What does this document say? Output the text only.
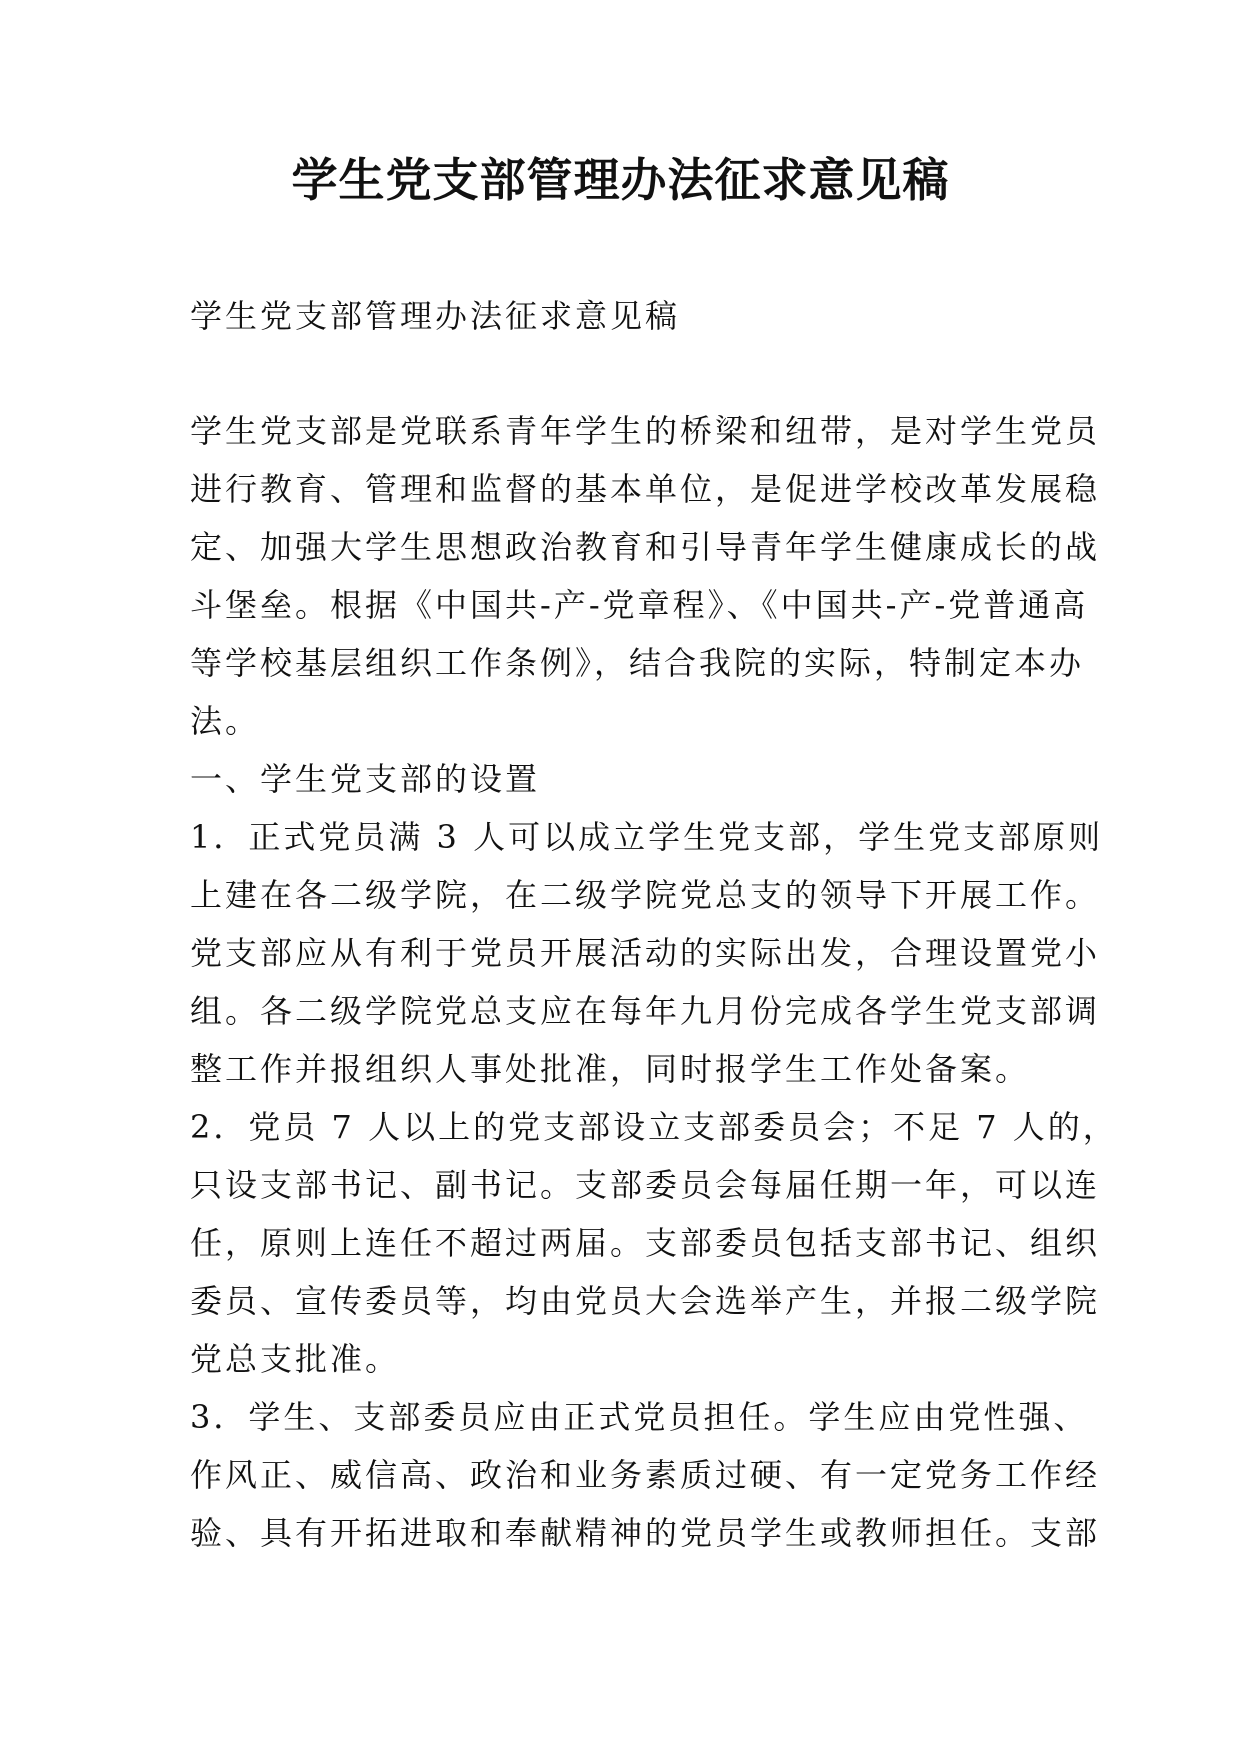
学生党支部管理办法征求意见稿

学生党支部管理办法征求意见稿

学生党支部是党联系青年学生的桥梁和纽带，是对学生党员
进行教育、管理和监督的基本单位，是促进学校改革发展稳
定、加强大学生思想政治教育和引导青年学生健康成长的战
斗堡垒。根据《中国共-产-党章程》、《中国共-产-党普通高
等学校基层组织工作条例》，结合我院的实际，特制定本办
法。
一、学生党支部的设置
1．正式党员满 3 人可以成立学生党支部，学生党支部原则
上建在各二级学院，在二级学院党总支的领导下开展工作。
党支部应从有利于党员开展活动的实际出发，合理设置党小
组。各二级学院党总支应在每年九月份完成各学生党支部调
整工作并报组织人事处批准，同时报学生工作处备案。
2．党员 7 人以上的党支部设立支部委员会；不足 7 人的，
只设支部书记、副书记。支部委员会每届任期一年，可以连
任，原则上连任不超过两届。支部委员包括支部书记、组织
委员、宣传委员等，均由党员大会选举产生，并报二级学院
党总支批准。
3．学生、支部委员应由正式党员担任。学生应由党性强、
作风正、威信高、政治和业务素质过硬、有一定党务工作经
验、具有开拓进取和奉献精神的党员学生或教师担任。支部
